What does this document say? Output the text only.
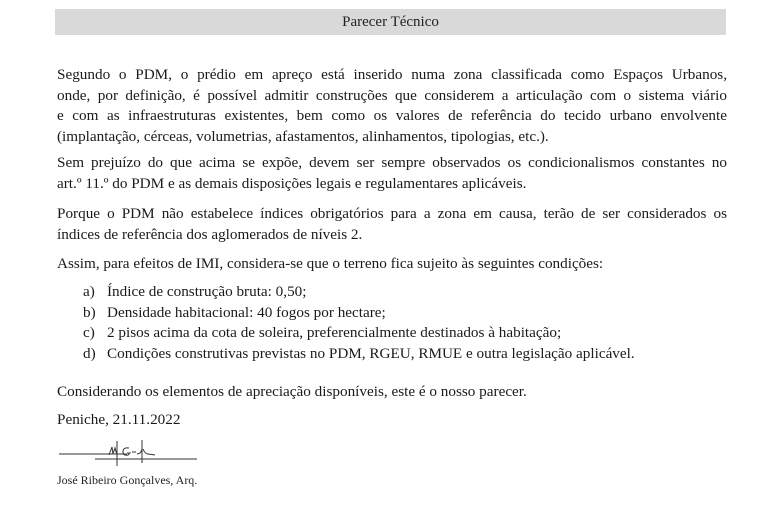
Parecer Técnico

Segundo o PDM, o prédio em apreço está inserido numa zona classificada como Espaços Urbanos,
onde, por definição, é possível admitir construções que considerem a articulação com o sistema viário
e com as infraestruturas existentes, bem como os valores de referência do tecido urbano envolvente
(implantação, cérceas, volumetrias, afastamentos, alinhamentos, tipologias, etc.).

Sem prejuízo do que acima se expõe, devem ser sempre observados os condicionalismos constantes no
art.º 11.º do PDM e as demais disposições legais e regulamentares aplicáveis.

Porque o PDM não estabelece índices obrigatórios para a zona em causa, terão de ser considerados os
índices de referência dos aglomerados de níveis 2.

Assim, para efeitos de IMI, considera-se que o terreno fica sujeito às seguintes condições:

a) Índice de construção bruta: 0,50;
b) Densidade habitacional: 40 fogos por hectare;
c) 2 pisos acima da cota de soleira, preferencialmente destinados à habitação;
d) Condições construtivas previstas no PDM, RGEU, RMUE e outra legislação aplicável.

Considerando os elementos de apreciação disponíveis, este é o nosso parecer.

Peniche, 21.11.2022

José Ribeiro Gonçalves, Arq.
